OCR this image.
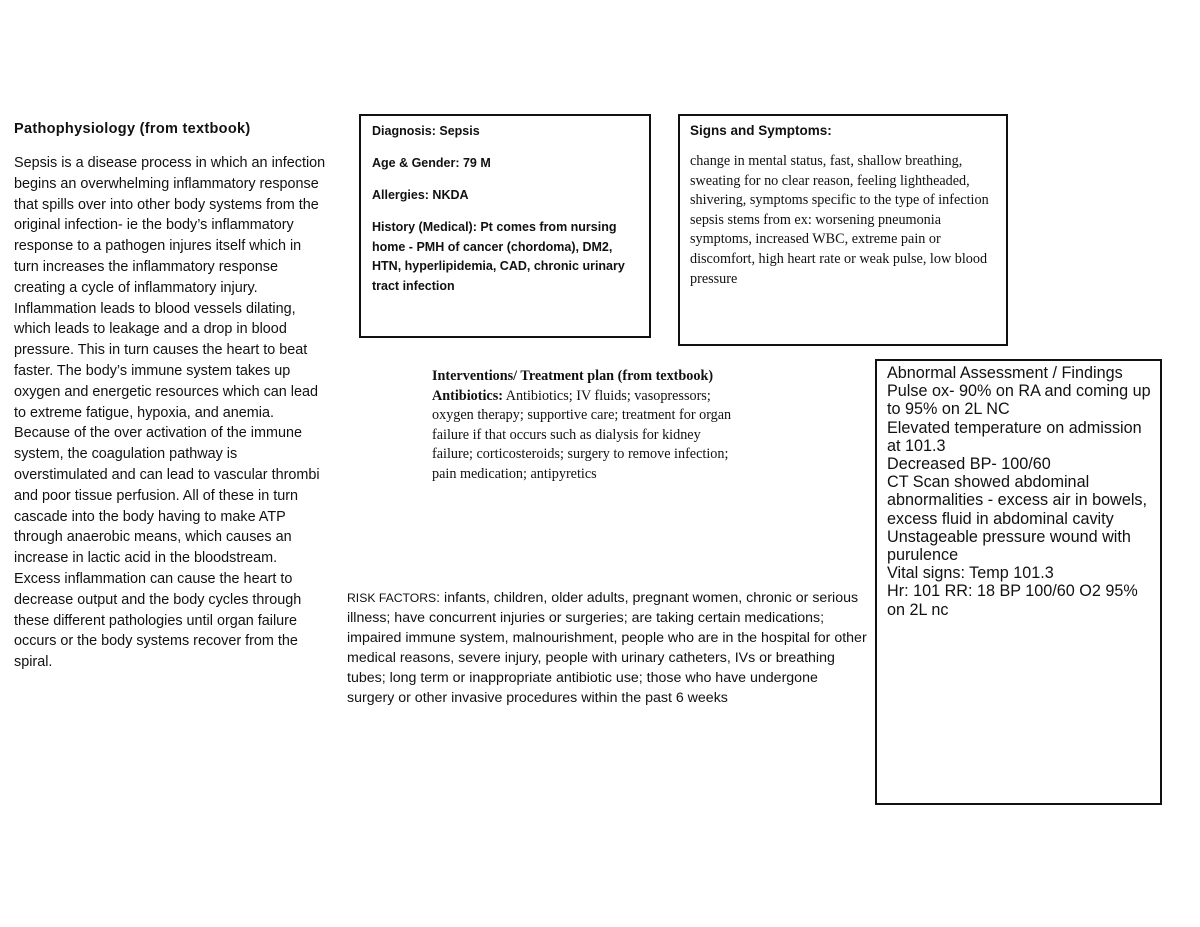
Pathophysiology (from textbook)

Sepsis is a disease process in which an infection begins an overwhelming inflammatory response that spills over into other body systems from the original infection- ie the body’s inflammatory response to a pathogen injures itself which in turn increases the inflammatory response creating a cycle of inflammatory injury. Inflammation leads to blood vessels dilating, which leads to leakage and a drop in blood pressure. This in turn causes the heart to beat faster. The body’s immune system takes up oxygen and energetic resources which can lead to extreme fatigue, hypoxia, and anemia. Because of the over activation of the immune system, the coagulation pathway is overstimulated and can lead to vascular thrombi and poor tissue perfusion. All of these in turn cascade into the body having to make ATP through anaerobic means, which causes an increase in lactic acid in the bloodstream. Excess inflammation can cause the heart to decrease output and the body cycles through these different pathologies until organ failure occurs or the body systems recover from the spiral.

Diagnosis: Sepsis

Age & Gender: 79 M

Allergies: NKDA

History (Medical): Pt comes from nursing home - PMH of cancer (chordoma), DM2, HTN, hyperlipidemia, CAD, chronic urinary tract infection

Signs and Symptoms:

change in mental status, fast, shallow breathing, sweating for no clear reason, feeling lightheaded, shivering, symptoms specific to the type of infection sepsis stems from ex: worsening pneumonia symptoms, increased WBC, extreme pain or discomfort, high heart rate or weak pulse, low blood pressure

Interventions/ Treatment plan (from textbook) Antibiotics: Antibiotics; IV fluids; vasopressors; oxygen therapy; supportive care; treatment for organ failure if that occurs such as dialysis for kidney failure; corticosteroids; surgery to remove infection; pain medication; antipyretics
RISK FACTORS: infants, children, older adults, pregnant women, chronic or serious illness; have concurrent injuries or surgeries; are taking certain medications; impaired immune system, malnourishment, people who are in the hospital for other medical reasons, severe injury, people with urinary catheters, IVs or breathing tubes; long term or inappropriate antibiotic use; those who have undergone surgery or other invasive procedures within the past 6 weeks
Abnormal Assessment / Findings
Pulse ox- 90% on RA and coming up to 95% on 2L NC
Elevated temperature on admission at 101.3
Decreased BP- 100/60
CT Scan showed abdominal abnormalities - excess air in bowels, excess fluid in abdominal cavity
Unstageable pressure wound with purulence
Vital signs: Temp 101.3
Hr: 101 RR: 18 BP 100/60 O2 95% on 2L nc
